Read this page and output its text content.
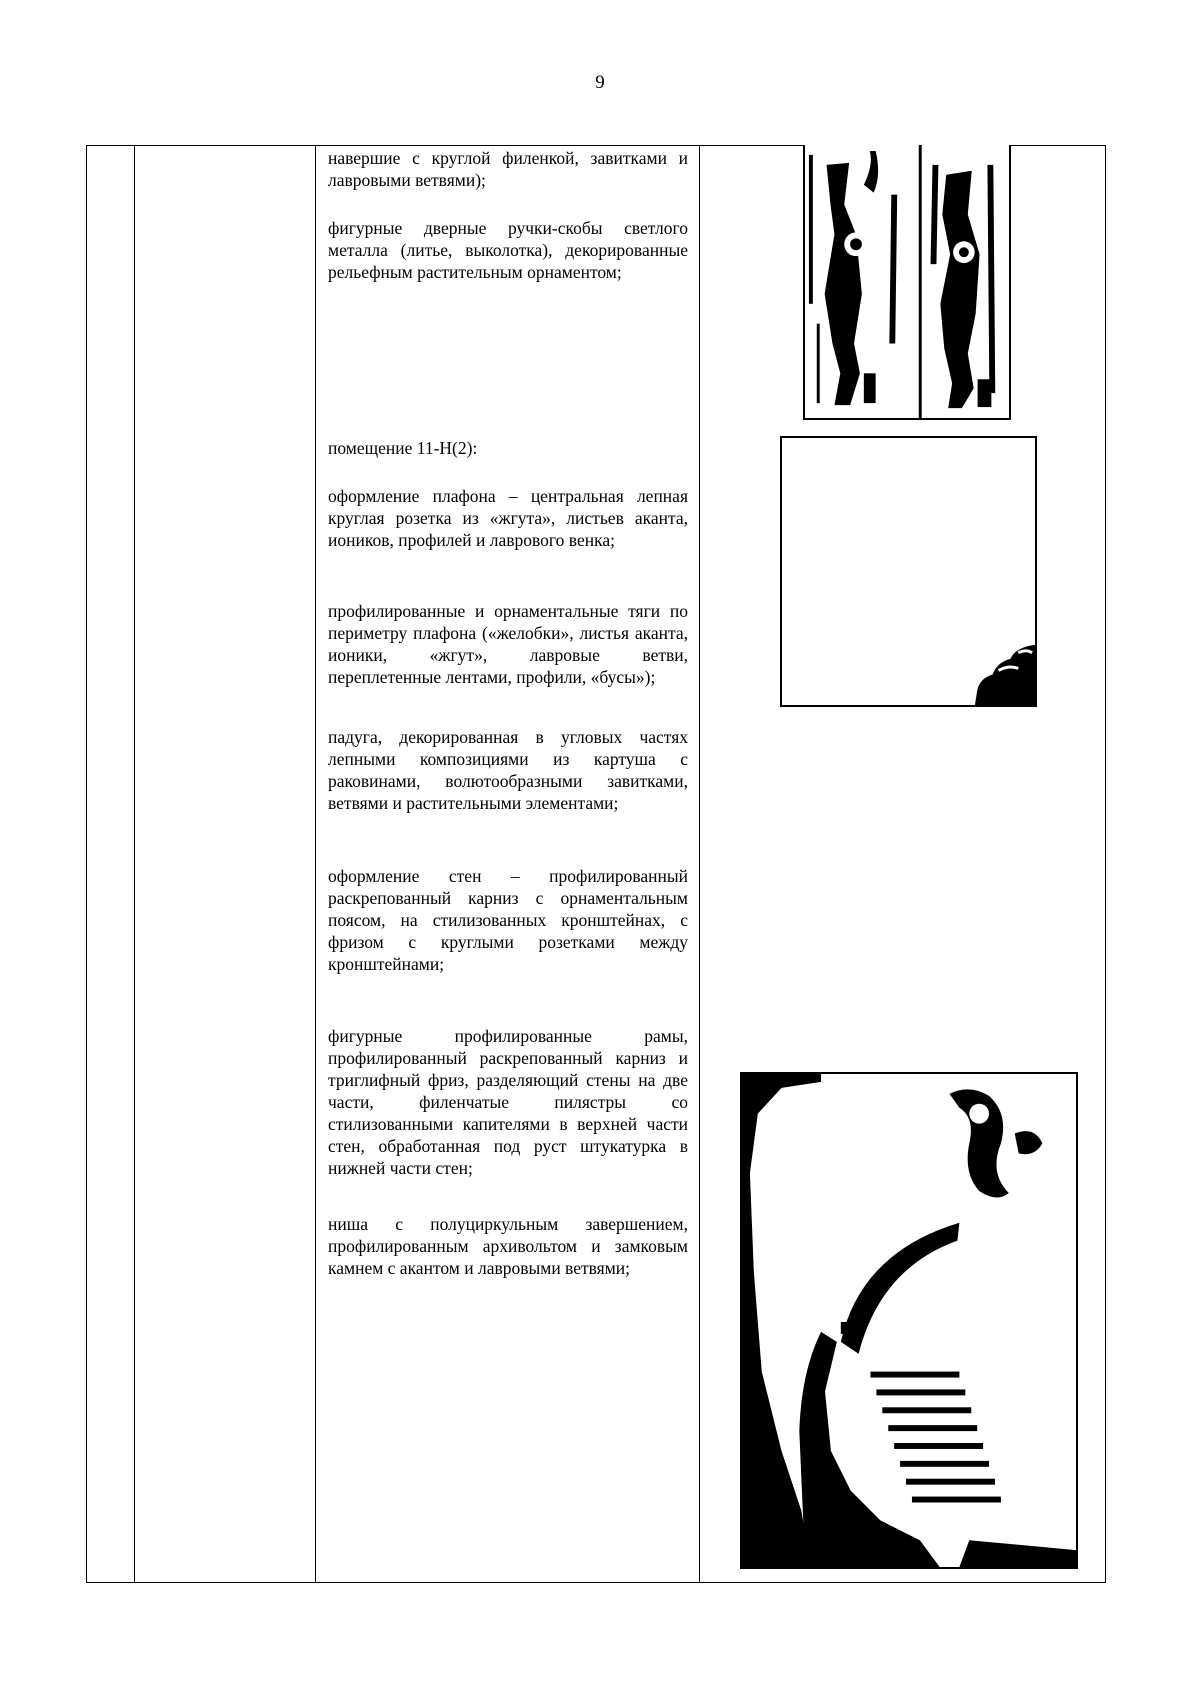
9

навершие с круглой филенкой, завитками и лавровыми ветвями);

фигурные дверные ручки-скобы светлого металла (литье, выколотка), декорированные рельефным растительным орнаментом;

помещение 11-Н(2):

оформление плафона – центральная лепная круглая розетка из «жгута», листьев аканта, иоников, профилей и лаврового венка;

профилированные и орнаментальные тяги по периметру плафона («желобки», листья аканта, ионики, «жгут», лавровые ветви, переплетенные лентами, профили, «бусы»);

падуга, декорированная в угловых частях лепными композициями из картуша с раковинами, волютообразными завитками, ветвями и растительными элементами;

оформление стен – профилированный раскрепованный карниз с орнаментальным поясом, на стилизованных кронштейнах, с фризом с круглыми розетками между кронштейнами;

фигурные профилированные рамы, профилированный раскрепованный карниз и триглифный фриз, разделяющий стены на две части, филенчатые пилястры со стилизованными капителями в верхней части стен, обработанная под руст штукатурка в нижней части стен;

ниша с полуциркульным завершением, профилированным архивольтом и замковым камнем с акантом и лавровыми ветвями;
